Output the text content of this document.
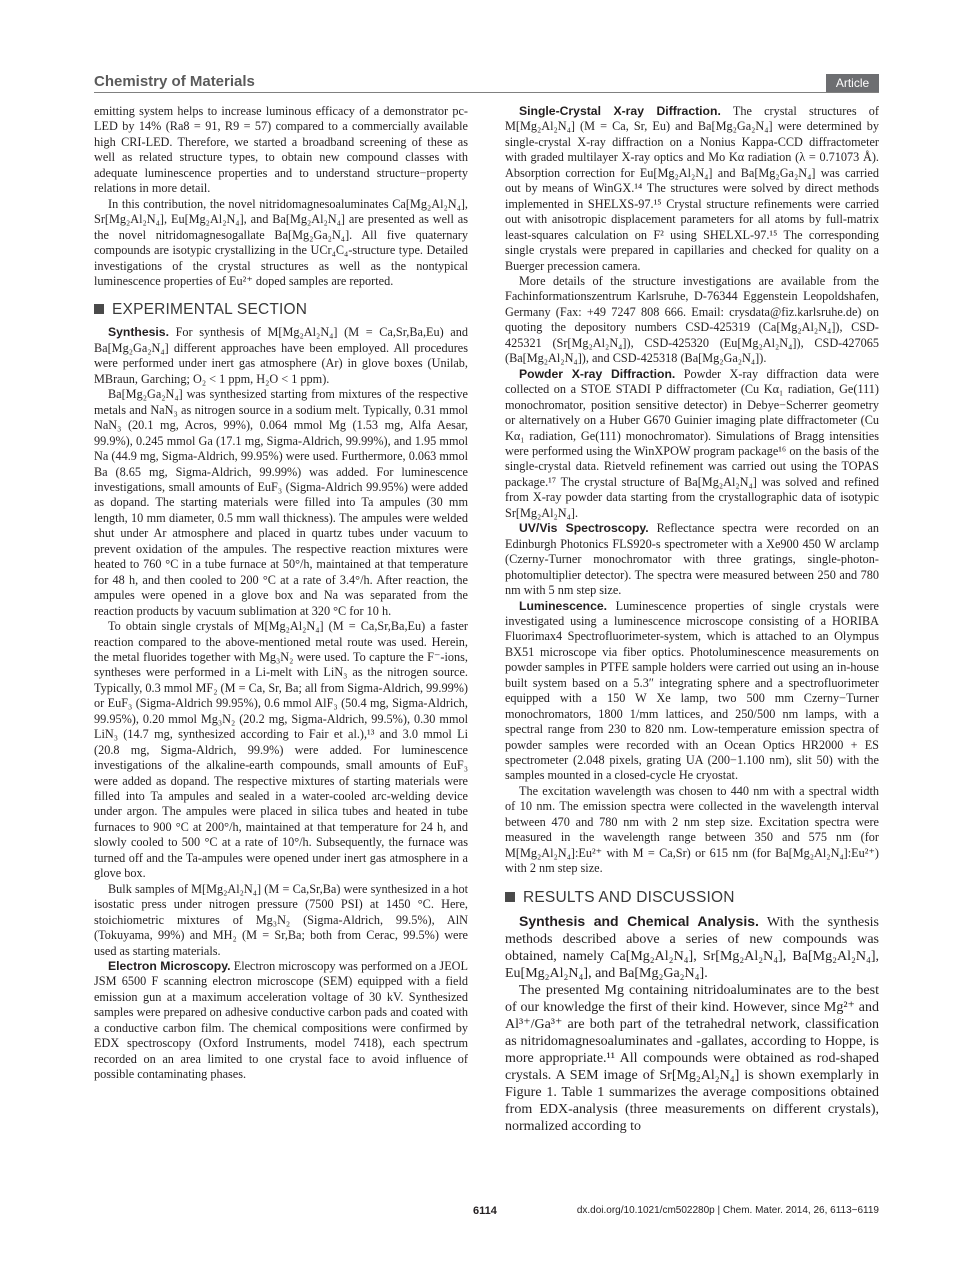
Chemistry of Materials	Article

emitting system helps to increase luminous efficacy of a demonstrator pc-LED by 14% (Ra8 = 91, R9 = 57) compared to a commercially available high CRI-LED. Therefore, we started a broadband screening of these as well as related structure types, to obtain new compound classes with adequate luminescence properties and to understand structure−property relations in more detail.

In this contribution, the novel nitridomagnesoaluminates Ca[Mg₂Al₂N₄], Sr[Mg₂Al₂N₄], Eu[Mg₂Al₂N₄], and Ba[Mg₂Al₂N₄] are presented as well as the novel nitridomagnesogallate Ba[Mg₂Ga₂N₄]. All five quaternary compounds are isotypic crystallizing in the UCr₄C₄-structure type. Detailed investigations of the crystal structures as well as the nontypical luminescence properties of Eu²⁺ doped samples are reported.

EXPERIMENTAL SECTION

Synthesis. For synthesis of M[Mg₂Al₂N₄] (M = Ca,Sr,Ba,Eu) and Ba[Mg₂Ga₂N₄] different approaches have been employed. All procedures were performed under inert gas atmosphere (Ar) in glove boxes (Unilab, MBraun, Garching; O₂ < 1 ppm, H₂O < 1 ppm).

Ba[Mg₂Ga₂N₄] was synthesized starting from mixtures of the respective metals and NaN₃ as nitrogen source in a sodium melt. Typically, 0.31 mmol NaN₃ (20.1 mg, Acros, 99%), 0.064 mmol Mg (1.53 mg, Alfa Aesar, 99.9%), 0.245 mmol Ga (17.1 mg, Sigma-Aldrich, 99.99%), and 1.95 mmol Na (44.9 mg, Sigma-Aldrich, 99.95%) were used. Furthermore, 0.063 mmol Ba (8.65 mg, Sigma-Aldrich, 99.99%) was added. For luminescence investigations, small amounts of EuF₃ (Sigma-Aldrich 99.95%) were added as dopand. The starting materials were filled into Ta ampules (30 mm length, 10 mm diameter, 0.5 mm wall thickness). The ampules were welded shut under Ar atmosphere and placed in quartz tubes under vacuum to prevent oxidation of the ampules. The respective reaction mixtures were heated to 760 °C in a tube furnace at 50°/h, maintained at that temperature for 48 h, and then cooled to 200 °C at a rate of 3.4°/h. After reaction, the ampules were opened in a glove box and Na was separated from the reaction products by vacuum sublimation at 320 °C for 10 h.

To obtain single crystals of M[Mg₂Al₂N₄] (M = Ca,Sr,Ba,Eu) a faster reaction compared to the above-mentioned metal route was used. Herein, the metal fluorides together with Mg₃N₂ were used. To capture the F⁻-ions, syntheses were performed in a Li-melt with LiN₃ as the nitrogen source. Typically, 0.3 mmol MF₂ (M = Ca, Sr, Ba; all from Sigma-Aldrich, 99.99%) or EuF₃ (Sigma-Aldrich 99.95%), 0.6 mmol AlF₃ (50.4 mg, Sigma-Aldrich, 99.95%), 0.20 mmol Mg₃N₂ (20.2 mg, Sigma-Aldrich, 99.5%), 0.30 mmol LiN₃ (14.7 mg, synthesized according to Fair et al.),¹³ and 3.0 mmol Li (20.8 mg, Sigma-Aldrich, 99.9%) were added. For luminescence investigations of the alkaline-earth compounds, small amounts of EuF₃ were added as dopand. The respective mixtures of starting materials were filled into Ta ampules and sealed in a water-cooled arc-welding device under argon. The ampules were placed in silica tubes and heated in tube furnaces to 900 °C at 200°/h, maintained at that temperature for 24 h, and slowly cooled to 500 °C at a rate of 10°/h. Subsequently, the furnace was turned off and the Ta-ampules were opened under inert gas atmosphere in a glove box.

Bulk samples of M[Mg₂Al₂N₄] (M = Ca,Sr,Ba) were synthesized in a hot isostatic press under nitrogen pressure (7500 PSI) at 1450 °C. Here, stoichiometric mixtures of Mg₃N₂ (Sigma-Aldrich, 99.5%), AlN (Tokuyama, 99%) and MH₂ (M = Sr,Ba; both from Cerac, 99.5%) were used as starting materials.

Electron Microscopy. Electron microscopy was performed on a JEOL JSM 6500 F scanning electron microscope (SEM) equipped with a field emission gun at a maximum acceleration voltage of 30 kV. Synthesized samples were prepared on adhesive conductive carbon pads and coated with a conductive carbon film. The chemical compositions were confirmed by EDX spectroscopy (Oxford Instruments, model 7418), each spectrum recorded on an area limited to one crystal face to avoid influence of possible contaminating phases.

Single-Crystal X-ray Diffraction. The crystal structures of M[Mg₂Al₂N₄] (M = Ca, Sr, Eu) and Ba[Mg₂Ga₂N₄] were determined by single-crystal X-ray diffraction on a Nonius Kappa-CCD diffractometer with graded multilayer X-ray optics and Mo Kα radiation (λ = 0.71073 Å). Absorption correction for Eu[Mg₂Al₂N₄] and Ba[Mg₂Ga₂N₄] was carried out by means of WinGX.¹⁴ The structures were solved by direct methods implemented in SHELXS-97.¹⁵ Crystal structure refinements were carried out with anisotropic displacement parameters for all atoms by full-matrix least-squares calculation on F² using SHELXL-97.¹⁵ The corresponding single crystals were prepared in capillaries and checked for quality on a Buerger precession camera.

More details of the structure investigations are available from the Fachinformationszentrum Karlsruhe, D-76344 Eggenstein Leopoldshafen, Germany (Fax: +49 7247 808 666. Email: crysdata@fiz.karlsruhe.de) on quoting the depository numbers CSD-425319 (Ca[Mg₂Al₂N₄]), CSD-425321 (Sr[Mg₂Al₂N₄]), CSD-425320 (Eu[Mg₂Al₂N₄]), CSD-427065 (Ba[Mg₂Al₂N₄]), and CSD-425318 (Ba[Mg₂Ga₂N₄]).

Powder X-ray Diffraction. Powder X-ray diffraction data were collected on a STOE STADI P diffractometer (Cu Kα₁ radiation, Ge(111) monochromator, position sensitive detector) in Debye−Scherrer geometry or alternatively on a Huber G670 Guinier imaging plate diffractometer (Cu Kα₁ radiation, Ge(111) monochromator). Simulations of Bragg intensities were performed using the WinXPOW program package¹⁶ on the basis of the single-crystal data. Rietveld refinement was carried out using the TOPAS package.¹⁷ The crystal structure of Ba[Mg₂Al₂N₄] was solved and refined from X-ray powder data starting from the crystallographic data of isotypic Sr[Mg₂Al₂N₄].

UV/Vis Spectroscopy. Reflectance spectra were recorded on an Edinburgh Photonics FLS920-s spectrometer with a Xe900 450 W arclamp (Czerny-Turner monochromator with three gratings, single-photon-photomultiplier detector). The spectra were measured between 250 and 780 nm with 5 nm step size.

Luminescence. Luminescence properties of single crystals were investigated using a luminescence microscope consisting of a HORIBA Fluorimax4 Spectrofluorimeter-system, which is attached to an Olympus BX51 microscope via fiber optics. Photoluminescence measurements on powder samples in PTFE sample holders were carried out using an in-house built system based on a 5.3″ integrating sphere and a spectrofluorimeter equipped with a 150 W Xe lamp, two 500 mm Czerny−Turner monochromators, 1800 1/mm lattices, and 250/500 nm lamps, with a spectral range from 230 to 820 nm. Low-temperature emission spectra of powder samples were recorded with an Ocean Optics HR2000 + ES spectrometer (2.048 pixels, grating UA (200−1.100 nm), slit 50) with the samples mounted in a closed-cycle He cryostat.

The excitation wavelength was chosen to 440 nm with a spectral width of 10 nm. The emission spectra were collected in the wavelength interval between 470 and 780 nm with 2 nm step size. Excitation spectra were measured in the wavelength range between 350 and 575 nm (for M[Mg₂Al₂N₄]:Eu²⁺ with M = Ca,Sr) or 615 nm (for Ba[Mg₂Al₂N₄]:Eu²⁺) with 2 nm step size.

RESULTS AND DISCUSSION

Synthesis and Chemical Analysis. With the synthesis methods described above a series of new compounds was obtained, namely Ca[Mg₂Al₂N₄], Sr[Mg₂Al₂N₄], Ba[Mg₂Al₂N₄], Eu[Mg₂Al₂N₄], and Ba[Mg₂Ga₂N₄].

The presented Mg containing nitridoaluminates are to the best of our knowledge the first of their kind. However, since Mg²⁺ and Al³⁺/Ga³⁺ are both part of the tetrahedral network, classification as nitridomagnesoaluminates and -gallates, according to Hoppe, is more appropriate.¹¹ All compounds were obtained as rod-shaped crystals. A SEM image of Sr[Mg₂Al₂N₄] is shown exemplarly in Figure 1. Table 1 summarizes the average compositions obtained from EDX-analysis (three measurements on different crystals), normalized according to

6114	dx.doi.org/10.1021/cm502280p | Chem. Mater. 2014, 26, 6113−6119
